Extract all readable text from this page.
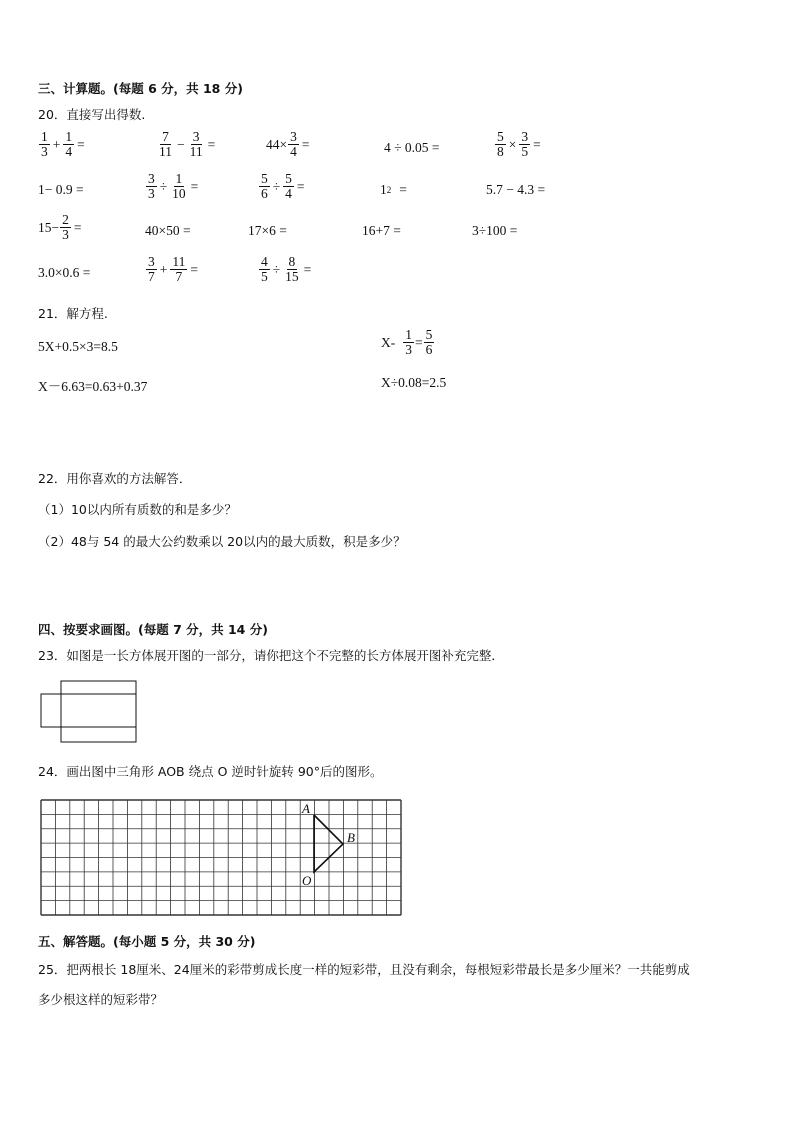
三、计算题。(每题 6 分，共 18 分)
20．直接写出得数.
$\frac{1}{3} + \frac{1}{4}$ =	$\frac{7}{11} - \frac{3}{11}$ =	$44\times \frac{3}{4}$ =	4 ÷ 0.05 =	$\frac{5}{8} \times \frac{3}{5}$ =
1− 0.9 =	$\frac{3}{3} \div \frac{1}{10}$ =	$\frac{5}{6} \div \frac{5}{4}$ =	1 2 =	5.7 − 4.3 =
$15- \frac{2}{3}$ =	40×50 =	17×6 =	16+7 =	3÷100 =
3.0×0.6 =	$\frac{3}{7} + \frac{11}{7}$ =	$\frac{4}{5} \div \frac{8}{15}$ =
21．解方程.
5X+0.5×3=8.5	$X- \frac{1}{3} = \frac{5}{6}$
X－6.63=0.63+0.37	X÷0.08=2.5
22．用你喜欢的方法解答．
（1）10以内所有质数的和是多少？
（2）48与 54 的最大公约数乘以 20以内的最大质数，积是多少？
四、按要求画图。(每题 7 分，共 14 分)
23．如图是一长方体展开图的一部分，请你把这个不完整的长方体展开图补充完整．
24．画出图中三角形 AOB 绕点 O 逆时针旋转 90°后的图形。
A
B
O
五、解答题。(每小题 5 分，共 30 分)
25．把两根长 18厘米、24厘米的彩带剪成长度一样的短彩带，且没有剩余，每根短彩带最长是多少厘米？一共能剪成
多少根这样的短彩带？
